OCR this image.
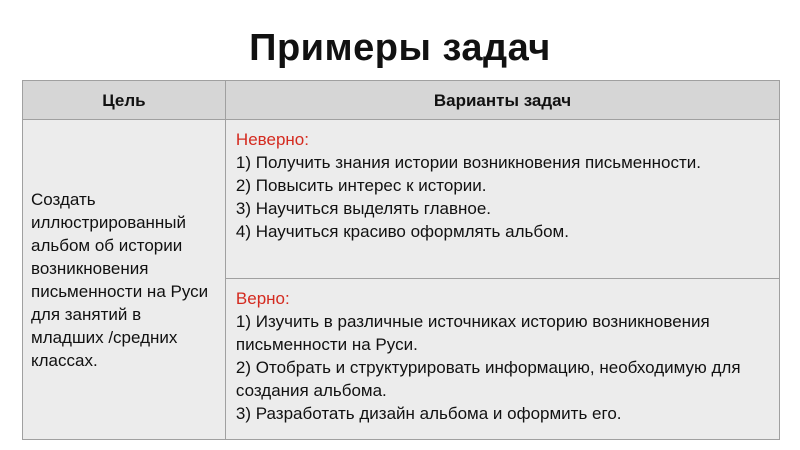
Примеры задач
Цель	Варианты задач
Создать иллюстрированный альбом об истории возникновения письменности на Руси для занятий в младших /средних классах.	Неверно:
1) Получить знания истории возникновения письменности.
2) Повысить интерес к истории.
3) Научиться выделять главное.
4) Научиться красиво оформлять альбом.

	Верно:
1) Изучить в различные источниках историю возникновения письменности на Руси.
2) Отобрать и структурировать информацию, необходимую для создания альбома.
3) Разработать дизайн альбома и оформить его.
